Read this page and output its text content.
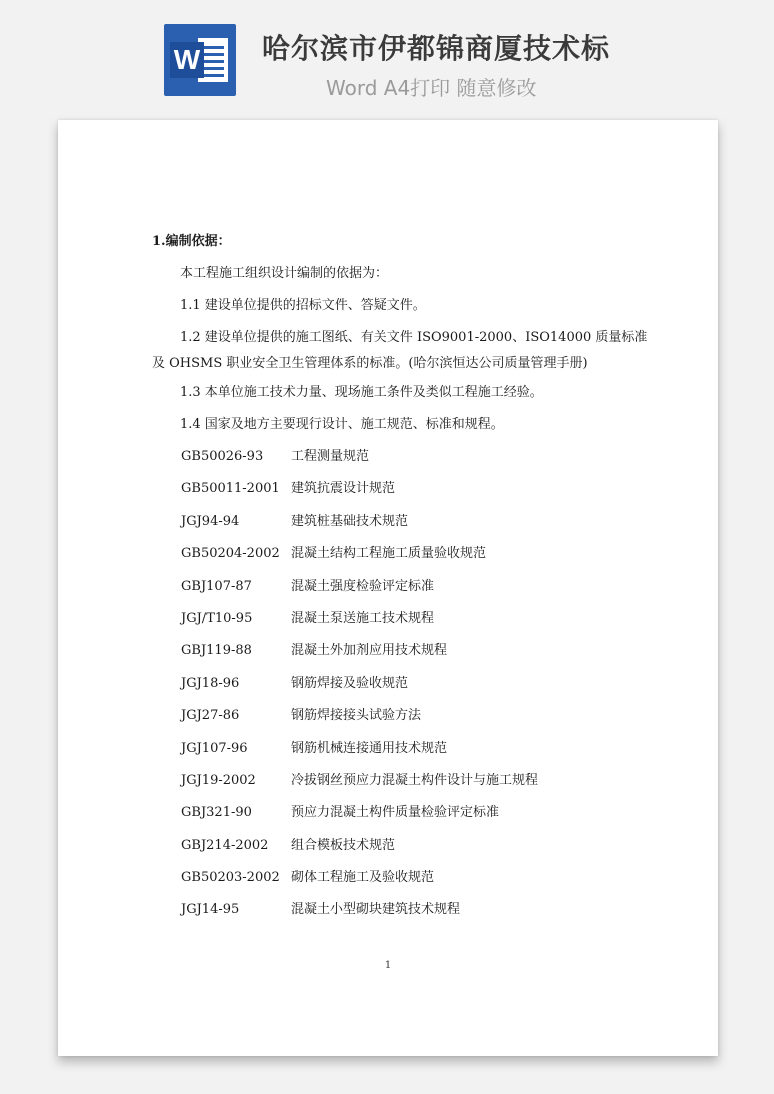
W 哈尔滨市伊都锦商厦技术标
Word A4打印 随意修改
1.编制依据：
本工程施工组织设计编制的依据为：
1.1 建设单位提供的招标文件、答疑文件。
1.2 建设单位提供的施工图纸、有关文件 ISO9001-2000、ISO14000 质量标准及 OHSMS 职业安全卫生管理体系的标准。(哈尔滨恒达公司质量管理手册)
1.3 本单位施工技术力量、现场施工条件及类似工程施工经验。
1.4 国家及地方主要现行设计、施工规范、标准和规程。
GB50026-93 工程测量规范
GB50011-2001 建筑抗震设计规范
JGJ94-94	建筑桩基础技术规范
GB50204-2002 混凝土结构工程施工质量验收规范
GBJ107-87	混凝土强度检验评定标准
JGJ/T10-95	混凝土泵送施工技术规程
GBJ119-88	混凝土外加剂应用技术规程
JGJ18-96	钢筋焊接及验收规范
JGJ27-86	钢筋焊接接头试验方法
JGJ107-96	钢筋机械连接通用技术规范
JGJ19-2002	冷拔钢丝预应力混凝土构件设计与施工规程
GBJ321-90	预应力混凝土构件质量检验评定标准
GBJ214-2002 组合模板技术规范
GB50203-2002 砌体工程施工及验收规范
JGJ14-95	混凝土小型砌块建筑技术规程
1
